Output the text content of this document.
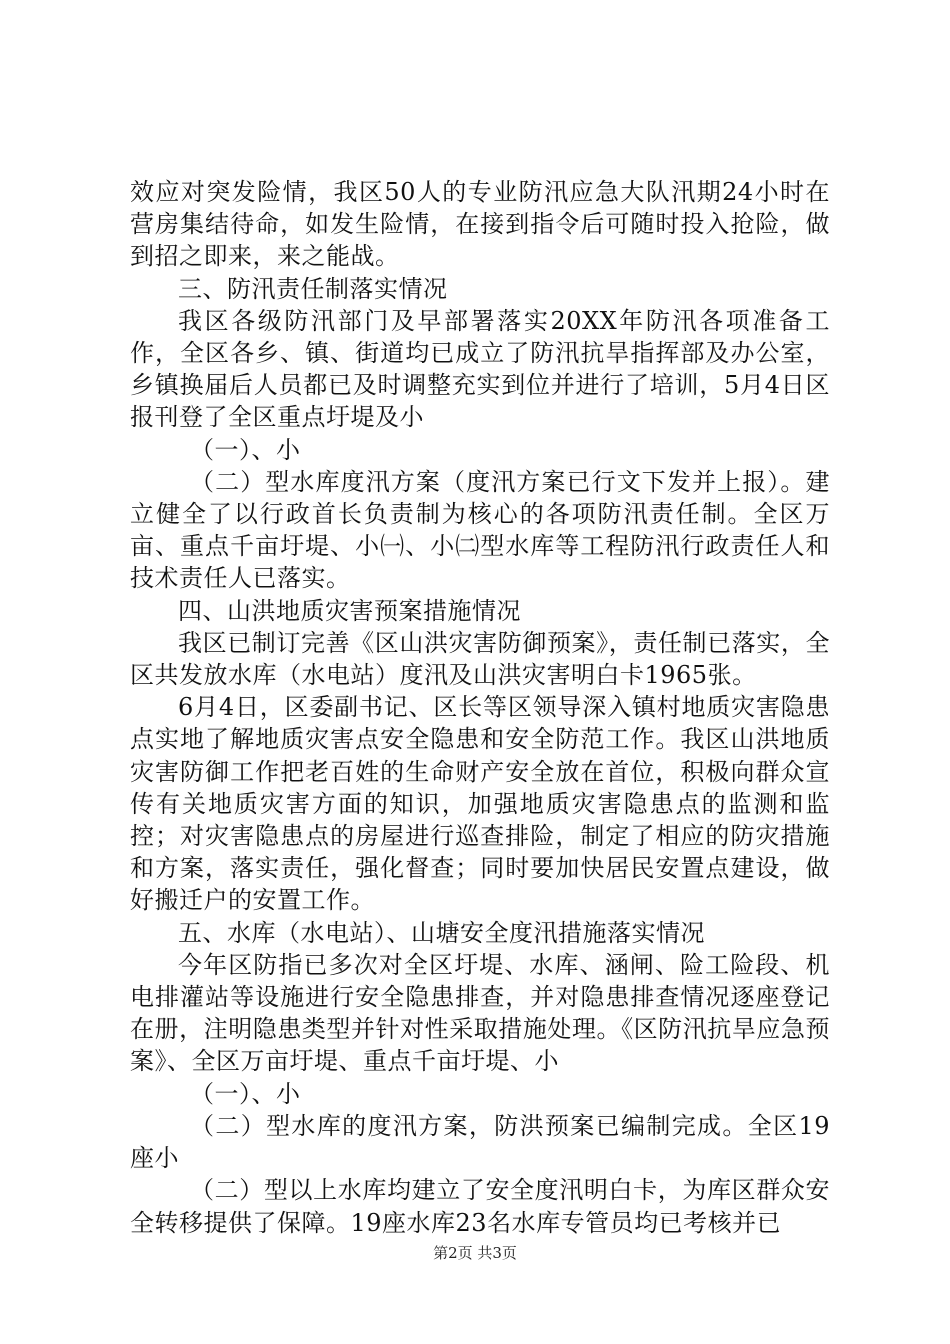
效应对突发险情，我区50人的专业防汛应急大队汛期24小时在营房集结待命，如发生险情，在接到指令后可随时投入抢险，做到招之即来，来之能战。

三、防汛责任制落实情况

我区各级防汛部门及早部署落实20XX年防汛各项准备工作，全区各乡、镇、街道均已成立了防汛抗旱指挥部及办公室，乡镇换届后人员都已及时调整充实到位并进行了培训，5月4日区报刊登了全区重点圩堤及小

（一）、小

（二）型水库度汛方案（度汛方案已行文下发并上报）。建立健全了以行政首长负责制为核心的各项防汛责任制。全区万亩、重点千亩圩堤、小㈠、小㈡型水库等工程防汛行政责任人和技术责任人已落实。

四、山洪地质灾害预案措施情况

我区已制订完善《区山洪灾害防御预案》，责任制已落实，全区共发放水库（水电站）度汛及山洪灾害明白卡1965张。

6月4日，区委副书记、区长等区领导深入镇村地质灾害隐患点实地了解地质灾害点安全隐患和安全防范工作。我区山洪地质灾害防御工作把老百姓的生命财产安全放在首位，积极向群众宣传有关地质灾害方面的知识，加强地质灾害隐患点的监测和监控；对灾害隐患点的房屋进行巡查排险，制定了相应的防灾措施和方案，落实责任，强化督查；同时要加快居民安置点建设，做好搬迁户的安置工作。

五、水库（水电站）、山塘安全度汛措施落实情况

今年区防指已多次对全区圩堤、水库、涵闸、险工险段、机电排灌站等设施进行安全隐患排查，并对隐患排查情况逐座登记在册，注明隐患类型并针对性采取措施处理。《区防汛抗旱应急预案》、全区万亩圩堤、重点千亩圩堤、小

（一）、小

（二）型水库的度汛方案，防洪预案已编制完成。全区19座小

（二）型以上水库均建立了安全度汛明白卡，为库区群众安全转移提供了保障。19座水库23名水库专管员均已考核并已

第2页 共3页
